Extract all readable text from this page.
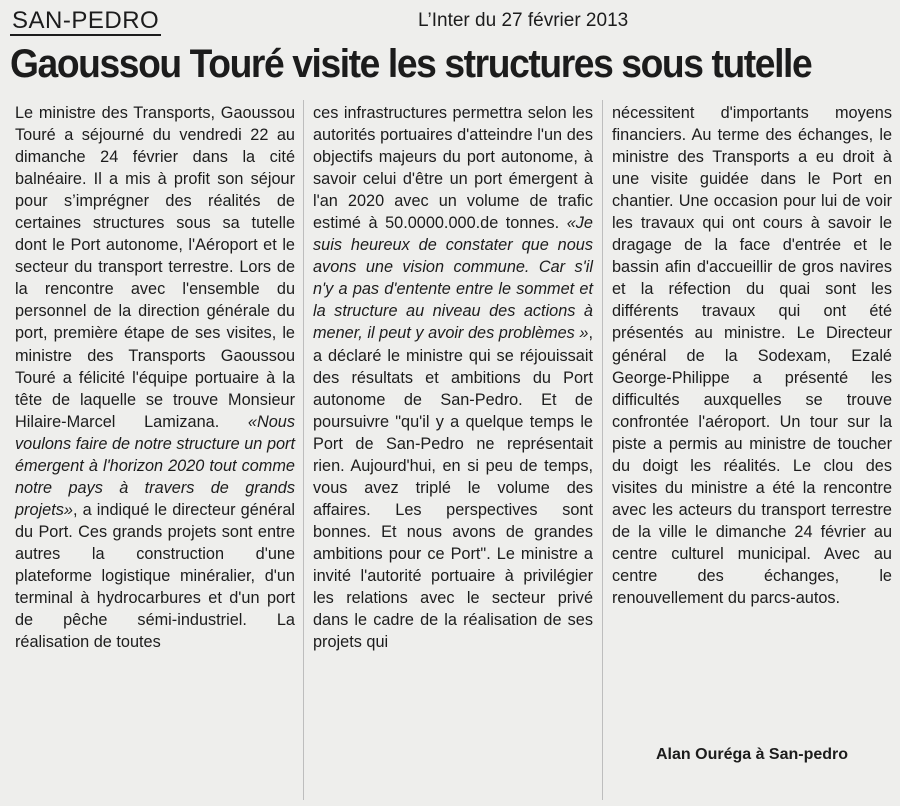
SAN-PEDRO	L’Inter du 27 février 2013
Gaoussou Touré visite les structures sous tutelle

Le ministre des Transports, Gaoussou Touré a séjourné du vendredi 22 au dimanche 24 février dans la cité balnéaire. Il a mis à profit son séjour pour s’imprégner des réalités de certaines structures sous sa tutelle dont le Port autonome, l'Aéroport et le secteur du transport terrestre. Lors de la rencontre avec l'ensemble du personnel de la direction générale du port, première étape de ses visites, le ministre des Transports Gaoussou Touré a félicité l'équipe portuaire à la tête de laquelle se trouve Monsieur Hilaire-Marcel Lamizana. «Nous voulons faire de notre structure un port émergent à l'horizon 2020 tout comme notre pays à travers de grands projets», a indiqué le directeur général du Port. Ces grands projets sont entre autres la construction d'une plateforme logistique minéralier, d'un terminal à hydrocarbures et d'un port de pêche sémi-industriel. La réalisation de toutes

ces infrastructures permettra selon les autorités portuaires d'atteindre l'un des objectifs majeurs du port autonome, à savoir celui d'être un port émergent à l'an 2020 avec un volume de trafic estimé à 50.0000.000.de tonnes. «Je suis heureux de constater que nous avons une vision commune. Car s'il n'y a pas d'entente entre le sommet et la structure au niveau des actions à mener, il peut y avoir des problèmes », a déclaré le ministre qui se réjouissait des résultats et ambitions du Port autonome de San-Pedro. Et de poursuivre "qu'il y a quelque temps le Port de San-Pedro ne représentait rien. Aujourd'hui, en si peu de temps, vous avez triplé le volume des affaires. Les perspectives sont bonnes. Et nous avons de grandes ambitions pour ce Port". Le ministre a invité l'autorité portuaire à privilégier les relations avec le secteur privé dans le cadre de la réalisation de ses projets qui

nécessitent d'importants moyens financiers. Au terme des échanges, le ministre des Transports a eu droit à une visite guidée dans le Port en chantier. Une occasion pour lui de voir les travaux qui ont cours à savoir le dragage de la face d'entrée et le bassin afin d'accueillir de gros navires et la réfection du quai sont les différents travaux qui ont été présentés au ministre. Le Directeur général de la Sodexam, Ezalé George-Philippe a présenté les difficultés auxquelles se trouve confrontée l'aéroport. Un tour sur la piste a permis au ministre de toucher du doigt les réalités. Le clou des visites du ministre a été la rencontre avec les acteurs du transport terrestre de la ville le dimanche 24 février au centre culturel municipal. Avec au centre des échanges, le renouvellement du parcs-autos.

Alan Ouréga à San-pedro
